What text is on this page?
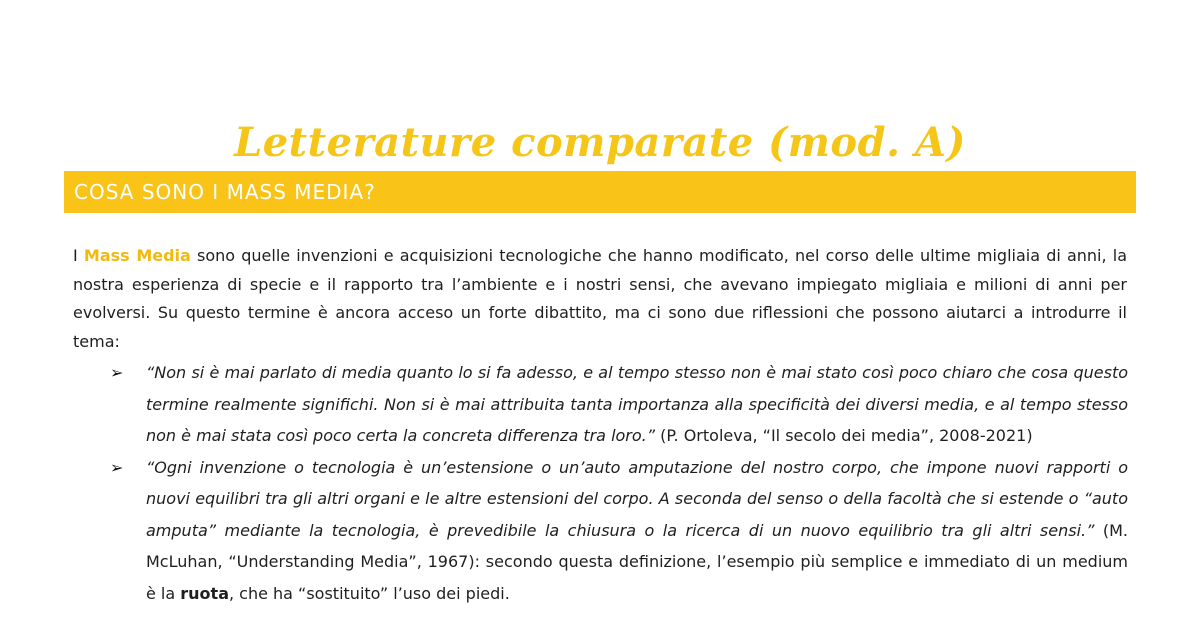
Letterature comparate (mod. A)
COSA SONO I MASS MEDIA?

I Mass Media sono quelle invenzioni e acquisizioni tecnologiche che hanno modificato, nel corso delle ultime migliaia di anni, la nostra esperienza di specie e il rapporto tra l’ambiente e i nostri sensi, che avevano impiegato migliaia e milioni di anni per evolversi. Su questo termine è ancora acceso un forte dibattito, ma ci sono due riflessioni che possono aiutarci a introdurre il tema:

➢ “Non si è mai parlato di media quanto lo si fa adesso, e al tempo stesso non è mai stato così poco chiaro che cosa questo termine realmente significhi. Non si è mai attribuita tanta importanza alla specificità dei diversi media, e al tempo stesso non è mai stata così poco certa la concreta differenza tra loro.” (P. Ortoleva, “Il secolo dei media”, 2008-2021)
➢ “Ogni invenzione o tecnologia è un’estensione o un’auto amputazione del nostro corpo, che impone nuovi rapporti o nuovi equilibri tra gli altri organi e le altre estensioni del corpo. A seconda del senso o della facoltà che si estende o “auto amputa” mediante la tecnologia, è prevedibile la chiusura o la ricerca di un nuovo equilibrio tra gli altri sensi.” (M. McLuhan, “Understanding Media”, 1967): secondo questa definizione, l’esempio più semplice e immediato di un medium è la ruota, che ha “sostituito” l’uso dei piedi.
